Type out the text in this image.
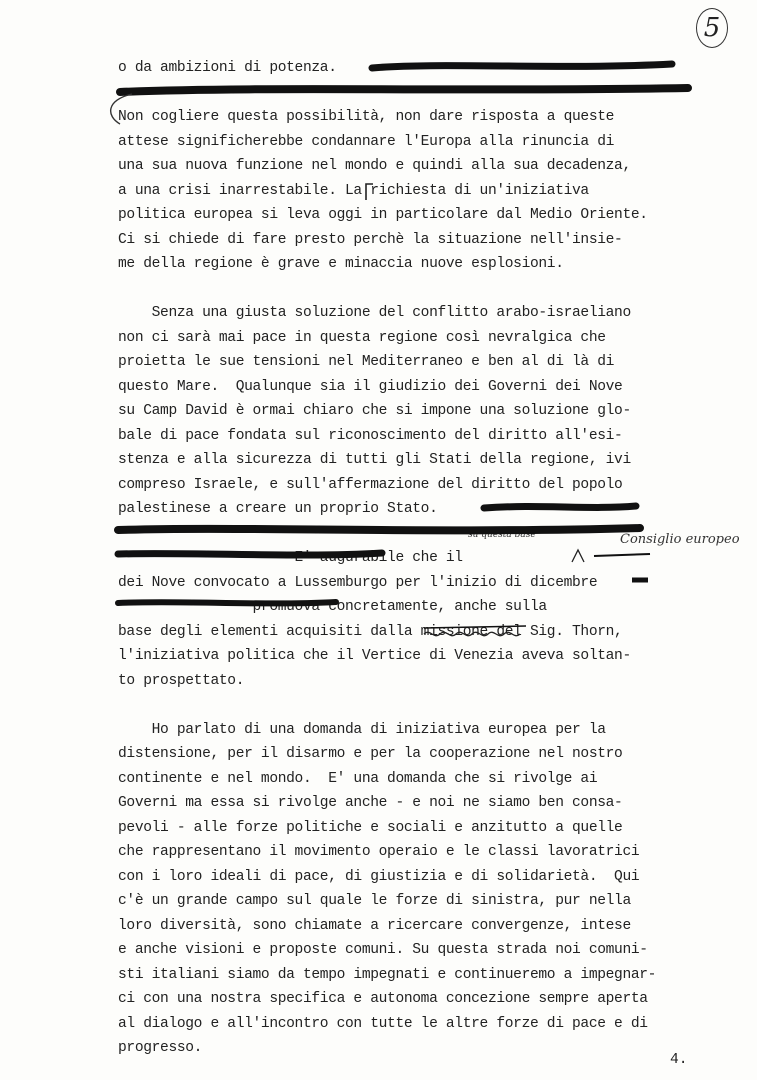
5
o da ambizioni di potenza.
Non cogliere questa possibilità, non dare risposta a queste
attese significherebbe condannare l'Europa alla rinuncia di
una sua nuova funzione nel mondo e quindi alla sua decadenza,
a una crisi inarrestabile. La richiesta di un'iniziativa
politica europea si leva oggi in particolare dal Medio Oriente.
Ci si chiede di fare presto perchè la situazione nell'insie-
me della regione è grave e minaccia nuove esplosioni.
Senza una giusta soluzione del conflitto arabo-israeliano
non ci sarà mai pace in questa regione così nevralgica che
proietta le sue tensioni nel Mediterraneo e ben al di là di
questo Mare.  Qualunque sia il giudizio dei Governi dei Nove
su Camp David è ormai chiaro che si impone una soluzione glo-
bale di pace fondata sul riconoscimento del diritto all'esi-
stenza e alla sicurezza di tutti gli Stati della regione, ivi
compreso Israele, e sull'affermazione del diritto del popolo
palestinese a creare un proprio Stato.
E' augurabile che il
dei Nove convocato a Lussemburgo per l'inizio di dicembre
promuova concretamente, anche sulla
base degli elementi acquisiti dalla missione del Sig. Thorn,
l'iniziativa politica che il Vertice di Venezia aveva soltan-
to prospettato.
Ho parlato di una domanda di iniziativa europea per la
distensione, per il disarmo e per la cooperazione nel nostro
continente e nel mondo.  E' una domanda che si rivolge ai
Governi ma essa si rivolge anche - e noi ne siamo ben consa-
pevoli - alle forze politiche e sociali e anzitutto a quelle
che rappresentano il movimento operaio e le classi lavoratrici
con i loro ideali di pace, di giustizia e di solidarietà.  Qui
c'è un grande campo sul quale le forze di sinistra, pur nella
loro diversità, sono chiamate a ricercare convergenze, intese
e anche visioni e proposte comuni. Su questa strada noi comuni-
sti italiani siamo da tempo impegnati e continueremo a impegnar-
ci con una nostra specifica e autonoma concezione sempre aperta
al dialogo e all'incontro con tutte le altre forze di pace e di
progresso.
su questa base	Consiglio europeo
4.
